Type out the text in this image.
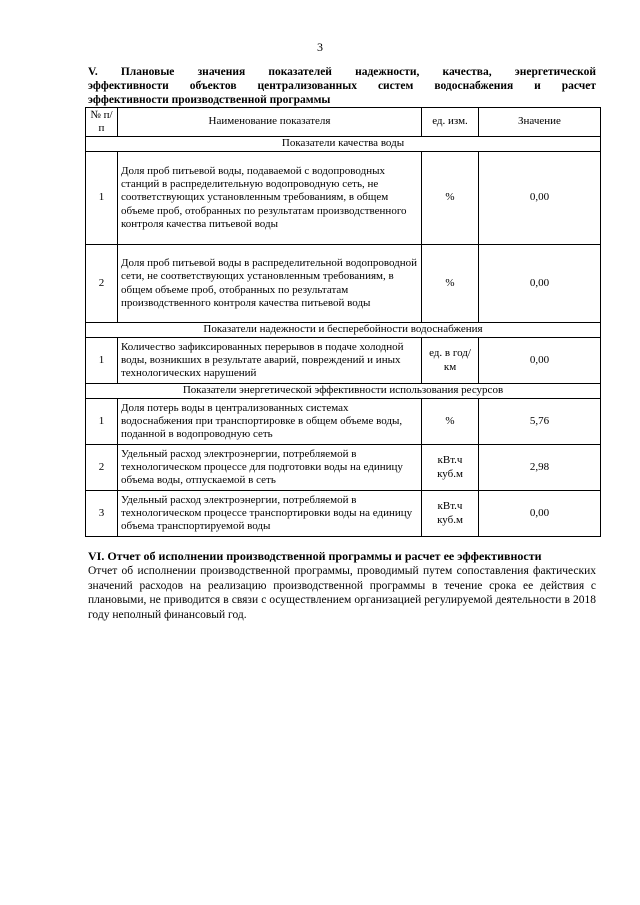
3
V. Плановые значения показателей надежности, качества, энергетической
эффективности объектов централизованных систем водоснабжения и расчет
эффективности производственной программы
№ п/п	Наименование показателя	ед. изм.	Значение
Показатели качества воды			
1	Доля проб питьевой воды, подаваемой с водопроводных станций в распределительную водопроводную сеть, не соответствующих установленным требованиям, в общем объеме проб, отобранных по результатам производственного контроля качества питьевой воды	%	0,00
2	Доля проб питьевой воды в распределительной водопроводной сети, не соответствующих установленным требованиям, в общем объеме проб, отобранных по результатам производственного контроля качества питьевой воды	%	0,00
Показатели надежности и бесперебойности водоснабжения			
1	Количество зафиксированных перерывов в подаче холодной воды, возникших в результате аварий, повреждений и иных технологических нарушений	ед. в год/ км	0,00
Показатели энергетической эффективности использования ресурсов			
1	Доля потерь воды в централизованных системах водоснабжения при транспортировке в общем объеме воды, поданной в водопроводную сеть	%	5,76
2	Удельный расход электроэнергии, потребляемой в технологическом процессе для подготовки воды на единицу объема воды, отпускаемой в сеть	кВт.ч куб.м	2,98
3	Удельный расход электроэнергии, потребляемой в технологическом процессе транспортировки воды на единицу объема транспортируемой воды	кВт.ч куб.м	0,00
VI. Отчет об исполнении производственной программы и расчет ее эффективности

Отчет об исполнении производственной программы, проводимый путем сопоставления фактических значений расходов на реализацию производственной программы в течение срока ее действия с плановыми, не приводится в связи с осуществлением организацией регулируемой деятельности в 2018 году неполный финансовый год.
